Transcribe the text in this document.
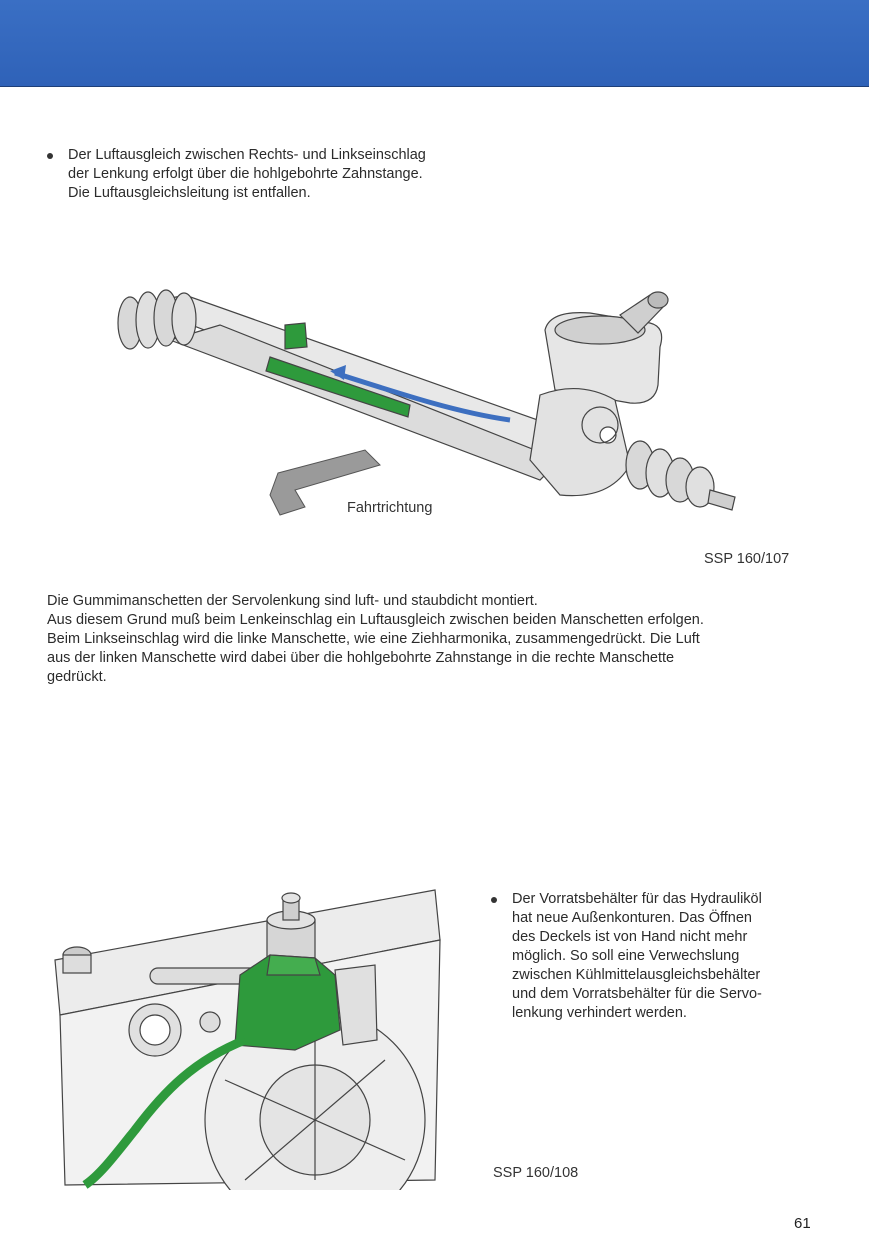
Der Luftausgleich zwischen Rechts- und Linkseinschlag
der Lenkung erfolgt über die hohlgebohrte Zahnstange.
Die Luftausgleichsleitung ist entfallen.
Fahrtrichtung
SSP 160/107
Die Gummimanschetten der Servolenkung sind luft- und staubdicht montiert.
Aus diesem Grund muß beim Lenkeinschlag ein Luftausgleich zwischen beiden Manschetten erfolgen.
Beim Linkseinschlag wird die linke Manschette, wie eine Ziehharmonika, zusammengedrückt. Die Luft
aus der linken Manschette wird dabei über die hohlgebohrte Zahnstange in die rechte Manschette
gedrückt.
Der Vorratsbehälter für das Hydrauliköl
hat neue Außenkonturen. Das Öffnen
des Deckels ist von Hand nicht mehr
möglich. So soll eine Verwechslung
zwischen Kühlmittelausgleichsbehälter
und dem Vorratsbehälter für die Servo-
lenkung verhindert werden.
SSP 160/108
61
